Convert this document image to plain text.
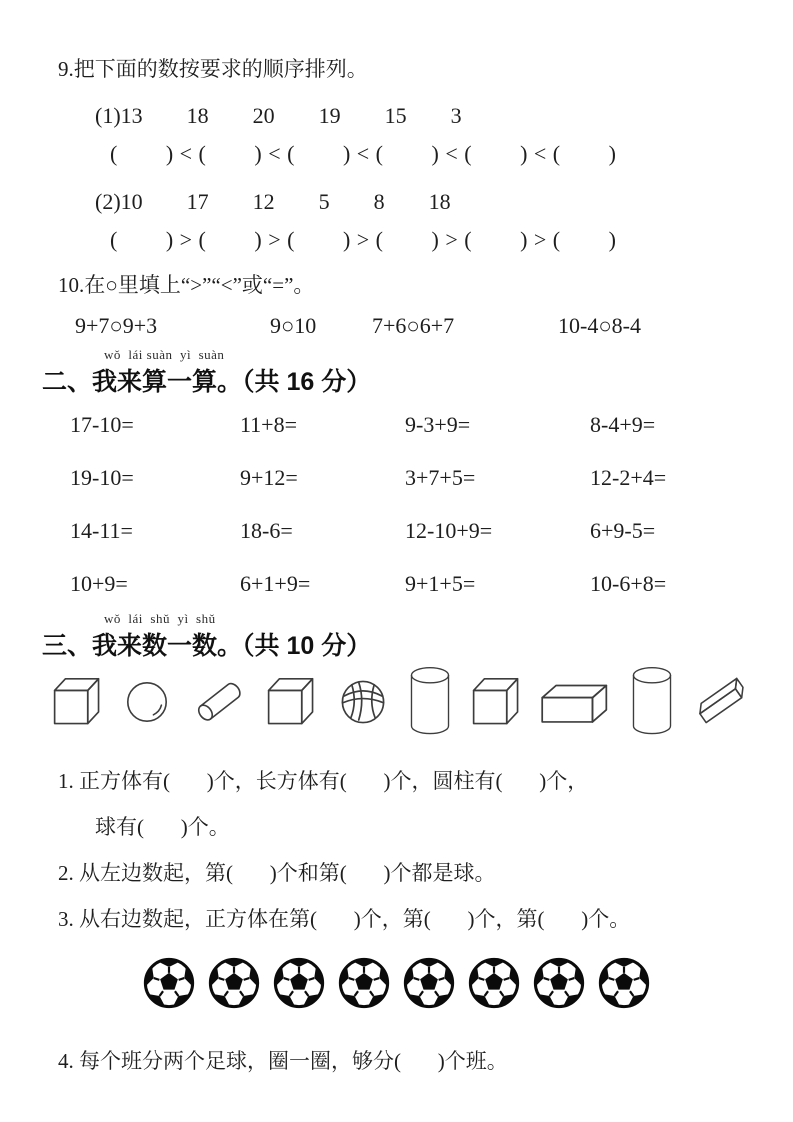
9.把下面的数按要求的顺序排列。
(1)13  18  20  19  15  3
(        ) < (        ) < (        ) < (        ) < (        ) < (        )
(2)10  17  12  5  8  18
(        ) > (        ) > (        ) > (        ) > (        ) > (        )
10.在○里填上“>”“<”或“=”。
9+7○9+3	9○10	7+6○6+7	10-4○8-4
wǒ  lái suàn  yì  suàn
二、我来算一算。（共 16 分）
17-10=	11+8=	9-3+9=	8-4+9=
19-10=	9+12=	3+7+5=	12-2+4=
14-11=	18-6=	12-10+9=	6+9-5=
10+9=	6+1+9=	9+1+5=	10-6+8=
wǒ  lái  shǔ  yì  shǔ
三、我来数一数。（共 10 分）
1. 正方体有(       )个，长方体有(       )个，圆柱有(       )个，
球有(       )个。
2. 从左边数起，第(       )个和第(       )个都是球。
3. 从右边数起，正方体在第(       )个，第(       )个，第(       )个。
4. 每个班分两个足球，圈一圈，够分(       )个班。
